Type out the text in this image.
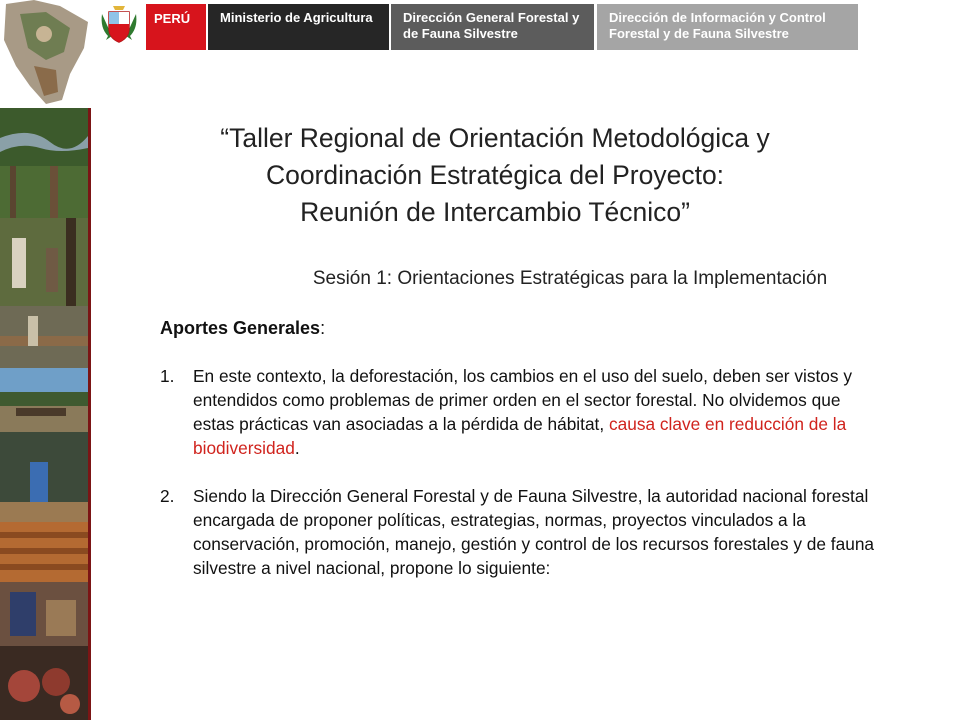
PERÚ	Ministerio de Agricultura	Dirección General Forestal y de Fauna Silvestre
Dirección de Información y Control Forestal y de Fauna Silvestre
“Taller Regional de Orientación Metodológica y
Coordinación Estratégica del Proyecto:
Reunión de Intercambio Técnico”
Sesión 1: Orientaciones Estratégicas para la Implementación
Aportes Generales:
1. En este contexto, la deforestación, los cambios en el uso del suelo, deben ser vistos y entendidos como problemas de primer orden en el sector forestal. No olvidemos que estas prácticas van asociadas a la pérdida de hábitat, causa clave en reducción de la biodiversidad.
2. Siendo la Dirección General Forestal y de Fauna Silvestre, la autoridad nacional forestal encargada de proponer políticas, estrategias, normas, proyectos vinculados a la conservación, promoción, manejo, gestión y control de los recursos forestales y de fauna silvestre a nivel nacional, propone lo siguiente:
